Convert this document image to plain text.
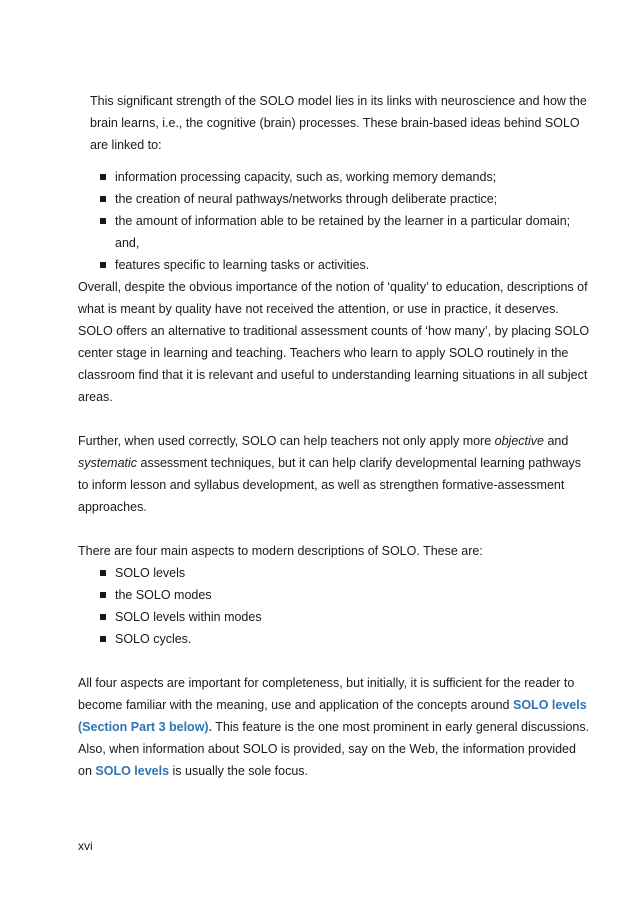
This significant strength of the SOLO model lies in its links with neuroscience and how the brain learns, i.e., the cognitive (brain) processes. These brain-based ideas behind SOLO are linked to:

information processing capacity, such as, working memory demands;
the creation of neural pathways/networks through deliberate practice;
the amount of information able to be retained by the learner in a particular domain; and,
features specific to learning tasks or activities.

Overall, despite the obvious importance of the notion of ‘quality’ to education, descriptions of what is meant by quality have not received the attention, or use in practice, it deserves. SOLO offers an alternative to traditional assessment counts of ‘how many’, by placing SOLO center stage in learning and teaching. Teachers who learn to apply SOLO routinely in the classroom find that it is relevant and useful to understanding learning situations in all subject areas.

Further, when used correctly, SOLO can help teachers not only apply more objective and systematic assessment techniques, but it can help clarify developmental learning pathways to inform lesson and syllabus development, as well as strengthen formative-assessment approaches.

There are four main aspects to modern descriptions of SOLO. These are:

SOLO levels
the SOLO modes
SOLO levels within modes
SOLO cycles.

All four aspects are important for completeness, but initially, it is sufficient for the reader to become familiar with the meaning, use and application of the concepts around SOLO levels (Section Part 3 below). This feature is the one most prominent in early general discussions. Also, when information about SOLO is provided, say on the Web, the information provided on SOLO levels is usually the sole focus.

xvi
